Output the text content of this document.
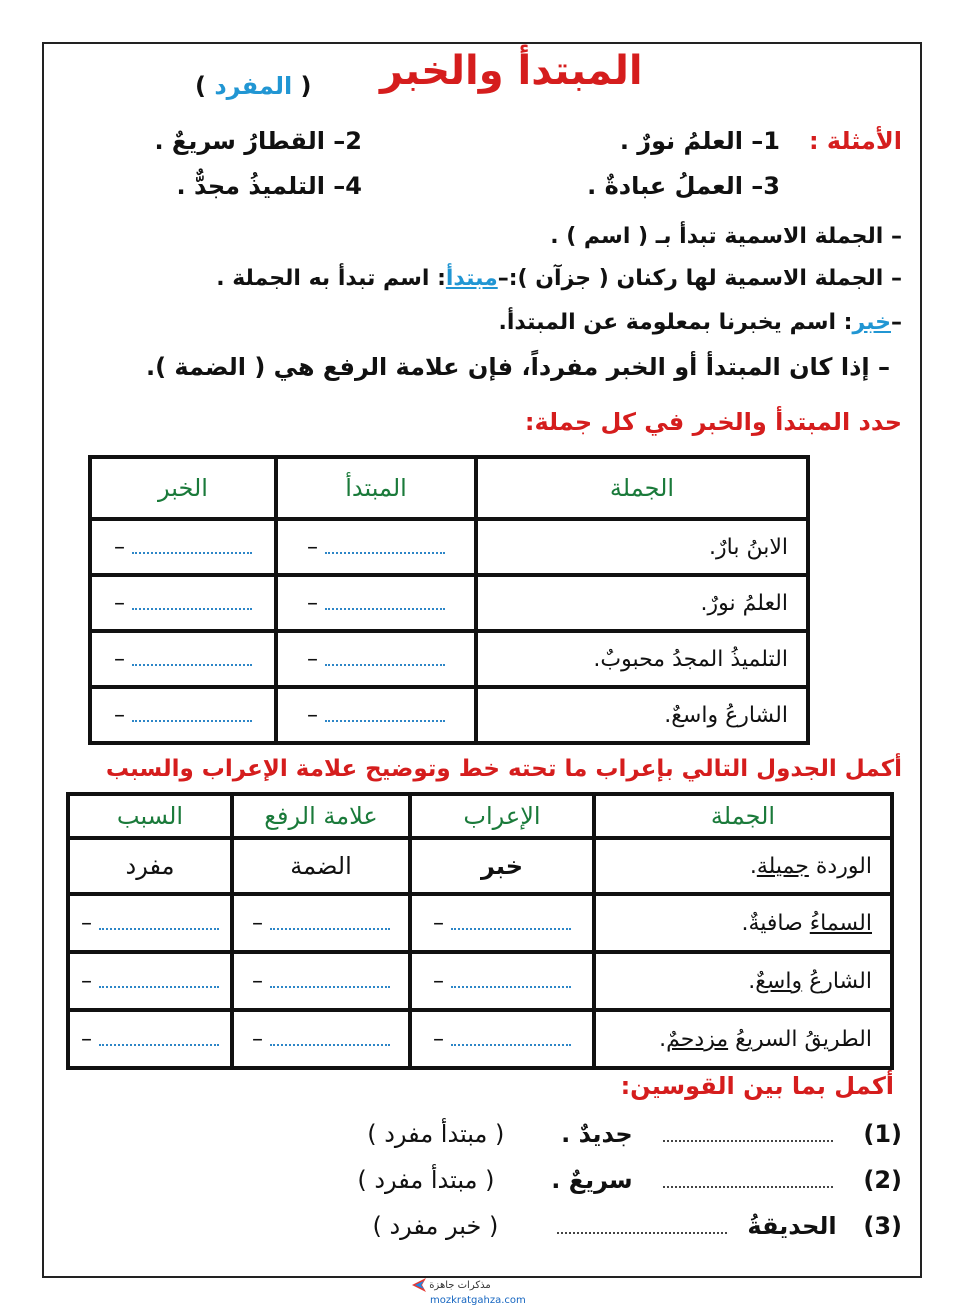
المبتدأ والخبر
( المفرد )
الأمثلة :
1– العلمُ نورٌ .
2– القطارُ سريعٌ .
3– العملُ عبادةٌ .
4– التلميذُ مجدٌّ .
– الجملة الاسمية تبدأ بـ ( اسم ) .
– الجملة الاسمية لها ركنان ( جزآن ):–مبتدأ: اسم تبدأ به الجملة .
–خبر: اسم يخبرنا بمعلومة عن المبتدأ.
– إذا كان المبتدأ أو الخبر مفرداً، فإن علامة الرفع هي ( الضمة ).
حدد المبتدأ والخبر في كل جملة:
الجملة	المبتدأ	الخبر
الابنُ بارٌ.	–	–
العلمُ نورٌ.	–	–
التلميذُ المجدُ محبوبٌ.	–	–
الشارعُ واسعٌ.	–	–
أكمل الجدول التالي بإعراب ما تحته خط وتوضيح علامة الإعراب والسبب
الجملة	الإعراب	علامة الرفع	السبب
الوردة جميلة.	خبر	الضمة	مفرد
السماءُ صافيةٌ.	–	–	–
الشارعُ واسعٌ.	–	–	–
الطريقُ السريعُ مزدحمٌ.	–	–	–
أكمل بما بين القوسين:
(1)  جديدٌ .  ( مبتدأ مفرد )
(2)  سريعٌ .  ( مبتدأ مفرد )
(3)  الحديقةُ   ( خبر مفرد )
مذكرات جاهزة
mozkratgahza.com
